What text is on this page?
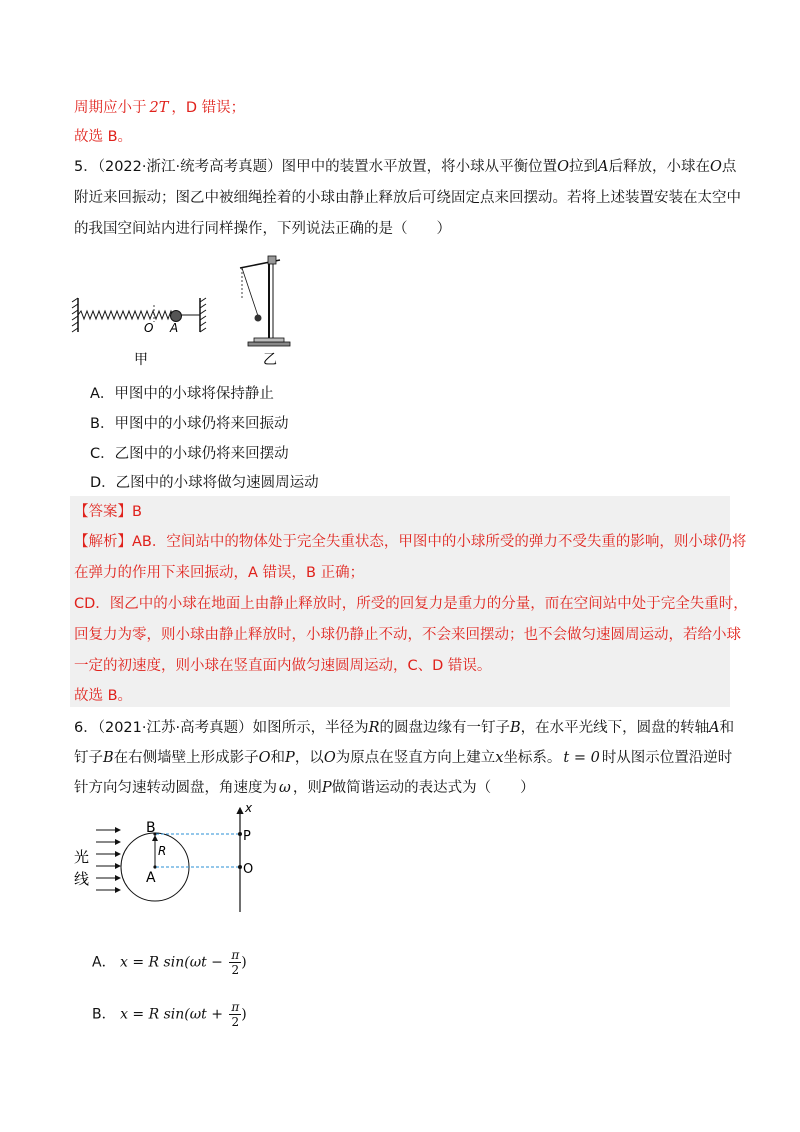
周期应小于 2T ，D 错误；
故选 B。
5．（2022·浙江·统考高考真题）图甲中的装置水平放置，将小球从平衡位置O拉到A后释放，小球在O点
附近来回振动；图乙中被细绳拴着的小球由静止释放后可绕固定点来回摆动。若将上述装置安装在太空中
的我国空间站内进行同样操作，下列说法正确的是（　　）
O A
甲	乙
A．甲图中的小球将保持静止
B．甲图中的小球仍将来回振动
C．乙图中的小球仍将来回摆动
D．乙图中的小球将做匀速圆周运动
【答案】B
【解析】AB．空间站中的物体处于完全失重状态，甲图中的小球所受的弹力不受失重的影响，则小球仍将
在弹力的作用下来回振动，A 错误，B 正确；
CD．图乙中的小球在地面上由静止释放时，所受的回复力是重力的分量，而在空间站中处于完全失重时，
回复力为零，则小球由静止释放时，小球仍静止不动，不会来回摆动；也不会做匀速圆周运动，若给小球
一定的初速度，则小球在竖直面内做匀速圆周运动，C、D 错误。
故选 B。
6．（2021·江苏·高考真题）如图所示，半径为R的圆盘边缘有一钉子B，在水平光线下，圆盘的转轴A和
钉子B在右侧墙壁上形成影子O和P，以O为原点在竖直方向上建立x坐标系。 t = 0 时从图示位置沿逆时
针方向匀速转动圆盘，角速度为 ω ，则P做简谐运动的表达式为（　　）
光
线
x
B
P
R
A
O
A． x = R $\sin(\omega t - \frac{\pi}{2}$ )
B． x = R $\sin(\omega t + \frac{\pi}{2}$ )
